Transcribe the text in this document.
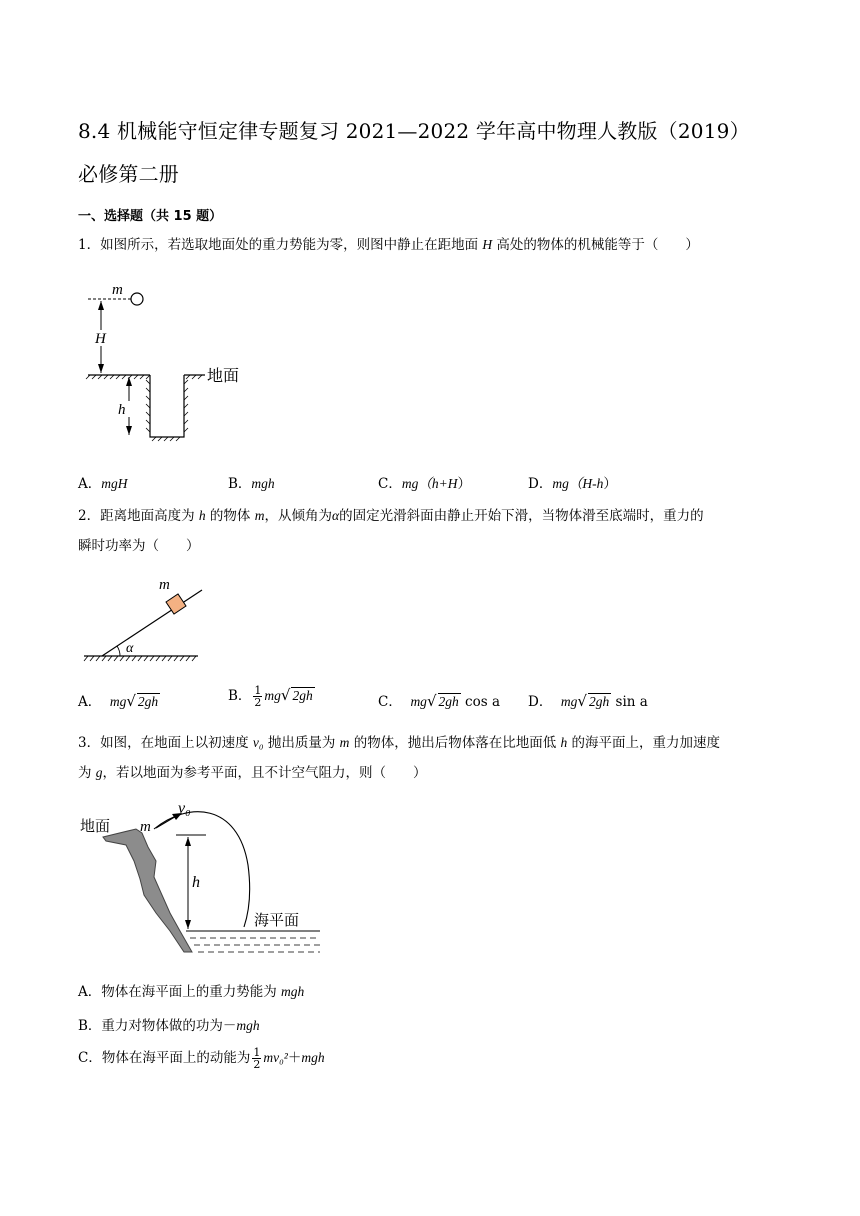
8.4 机械能守恒定律专题复习 2021—2022 学年高中物理人教版（2019）
必修第二册
一、选择题（共 15 题）
1．如图所示，若选取地面处的重力势能为零，则图中静止在距地面 H 高处的物体的机械能等于（　　）
m
H
h
地面
A．mgH	B．mgh	C．mg（h+H）	D．mg（H-h）
2．距离地面高度为 h 的物体 m，从倾角为α的固定光滑斜面由静止开始下滑，当物体滑至底端时，重力的
瞬时功率为（　　）
m
α
A． mg√ 2gh	B． $\frac{1}{2} mg√$ 2gh	C． mg√ 2gh cos a D． mg√ 2gh sin a
3．如图，在地面上以初速度 v₀ 抛出质量为 m 的物体，抛出后物体落在比地面低 h 的海平面上，重力加速度
为 g，若以地面为参考平面，且不计空气阻力，则（　　）
地面 m
v₀
h
海平面
A．物体在海平面上的重力势能为 mgh
B．重力对物体做的功为－mgh
C．物体在海平面上的动能为 $\frac{1}{2} mv_0^2+mgh$
